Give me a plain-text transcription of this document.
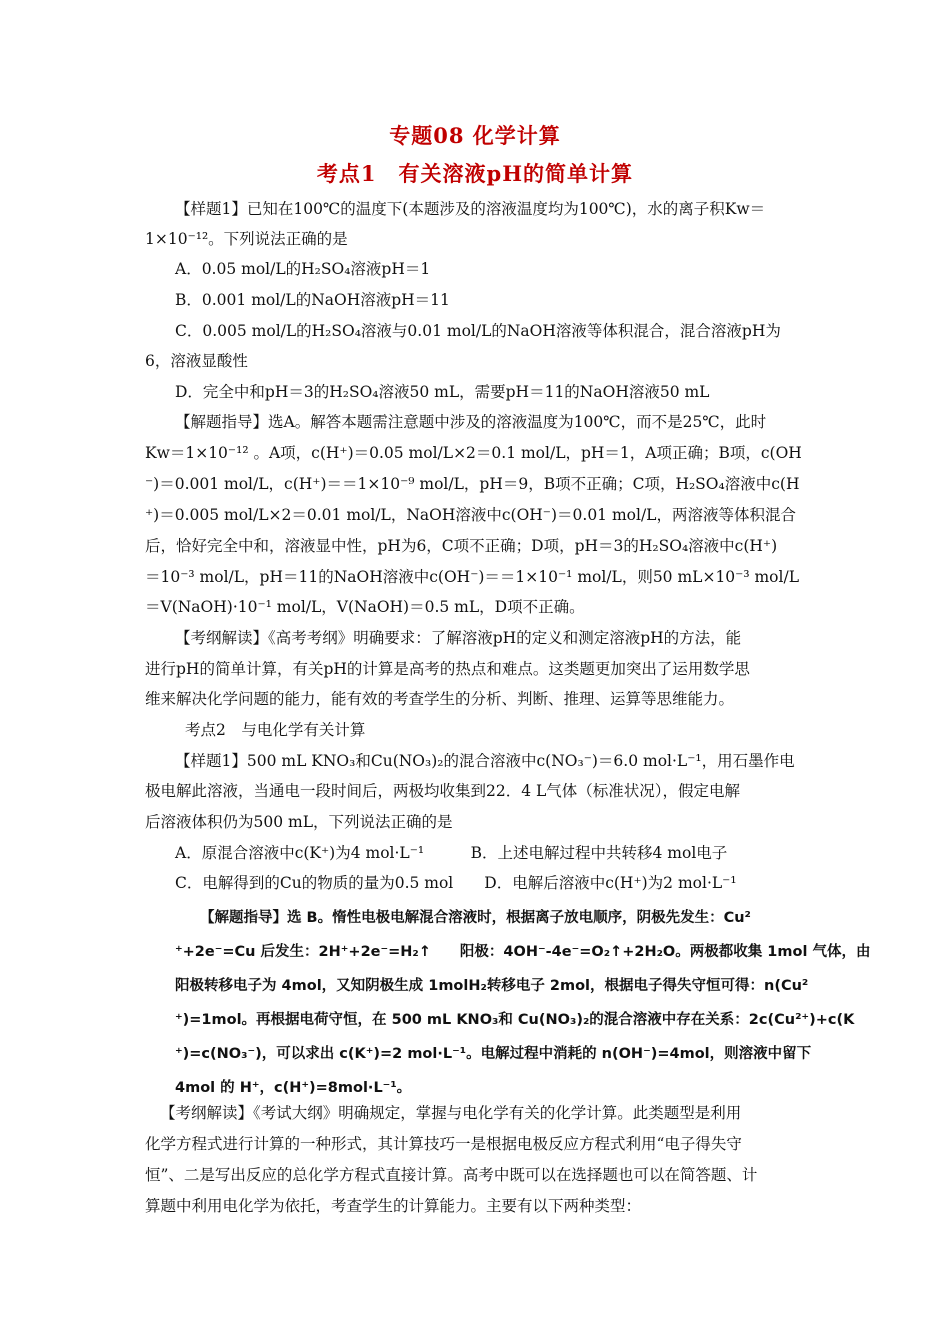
专题08 化学计算
考点1　有关溶液pH的简单计算
【样题1】已知在100℃的温度下(本题涉及的溶液温度均为100℃)，水的离子积Kw＝
1×10⁻¹²。下列说法正确的是
A．0.05 mol/L的H₂SO₄溶液pH＝1
B．0.001 mol/L的NaOH溶液pH＝11
C．0.005 mol/L的H₂SO₄溶液与0.01 mol/L的NaOH溶液等体积混合，混合溶液pH为
6，溶液显酸性
D．完全中和pH＝3的H₂SO₄溶液50 mL，需要pH＝11的NaOH溶液50 mL
【解题指导】选A。解答本题需注意题中涉及的溶液温度为100℃，而不是25℃，此时
Kw＝1×10⁻¹² 。A项，c(H⁺)＝0.05 mol/L×2＝0.1 mol/L，pH＝1，A项正确；B项，c(OH
⁻)＝0.001 mol/L，c(H⁺)＝＝1×10⁻⁹ mol/L，pH＝9，B项不正确；C项，H₂SO₄溶液中c(H
⁺)＝0.005 mol/L×2＝0.01 mol/L，NaOH溶液中c(OH⁻)＝0.01 mol/L，两溶液等体积混合
后，恰好完全中和，溶液显中性，pH为6，C项不正确；D项，pH＝3的H₂SO₄溶液中c(H⁺)
＝10⁻³ mol/L，pH＝11的NaOH溶液中c(OH⁻)＝＝1×10⁻¹ mol/L，则50 mL×10⁻³ mol/L
＝V(NaOH)·10⁻¹ mol/L，V(NaOH)＝0.5 mL，D项不正确。
【考纲解读】《高考考纲》明确要求：了解溶液pH的定义和测定溶液pH的方法，能
进行pH的简单计算，有关pH的计算是高考的热点和难点。这类题更加突出了运用数学思
维来解决化学问题的能力，能有效的考查学生的分析、判断、推理、运算等思维能力。
考点2　与电化学有关计算
【样题1】500 mL KNO₃和Cu(NO₃)₂的混合溶液中c(NO₃⁻)＝6.0 mol·L⁻¹，用石墨作电
极电解此溶液，当通电一段时间后，两极均收集到22．4 L气体（标准状况），假定电解
后溶液体积仍为500 mL，下列说法正确的是
A．原混合溶液中c(K⁺)为4 mol·L⁻¹　　　B．上述电解过程中共转移4 mol电子
C．电解得到的Cu的物质的量为0.5 mol　　D．电解后溶液中c(H⁺)为2 mol·L⁻¹
【解题指导】选 B。惰性电极电解混合溶液时，根据离子放电顺序，阴极先发生：Cu²
⁺+2e⁻=Cu 后发生：2H⁺+2e⁻=H₂↑　　阳极：4OH⁻-4e⁻=O₂↑+2H₂O。两极都收集 1mol 气体，由
阳极转移电子为 4mol，又知阴极生成 1molH₂转移电子 2mol，根据电子得失守恒可得：n(Cu²
⁺)=1mol。再根据电荷守恒，在 500 mL KNO₃和 Cu(NO₃)₂的混合溶液中存在关系：2c(Cu²⁺)+c(K
⁺)=c(NO₃⁻)，可以求出 c(K⁺)=2 mol·L⁻¹。电解过程中消耗的 n(OH⁻)=4mol，则溶液中留下
4mol 的 H⁺，c(H⁺)=8mol·L⁻¹。
【考纲解读】《考试大纲》明确规定，掌握与电化学有关的化学计算。此类题型是利用
化学方程式进行计算的一种形式，其计算技巧一是根据电极反应方程式利用“电子得失守
恒”、二是写出反应的总化学方程式直接计算。高考中既可以在选择题也可以在简答题、计
算题中利用电化学为依托，考查学生的计算能力。主要有以下两种类型：
